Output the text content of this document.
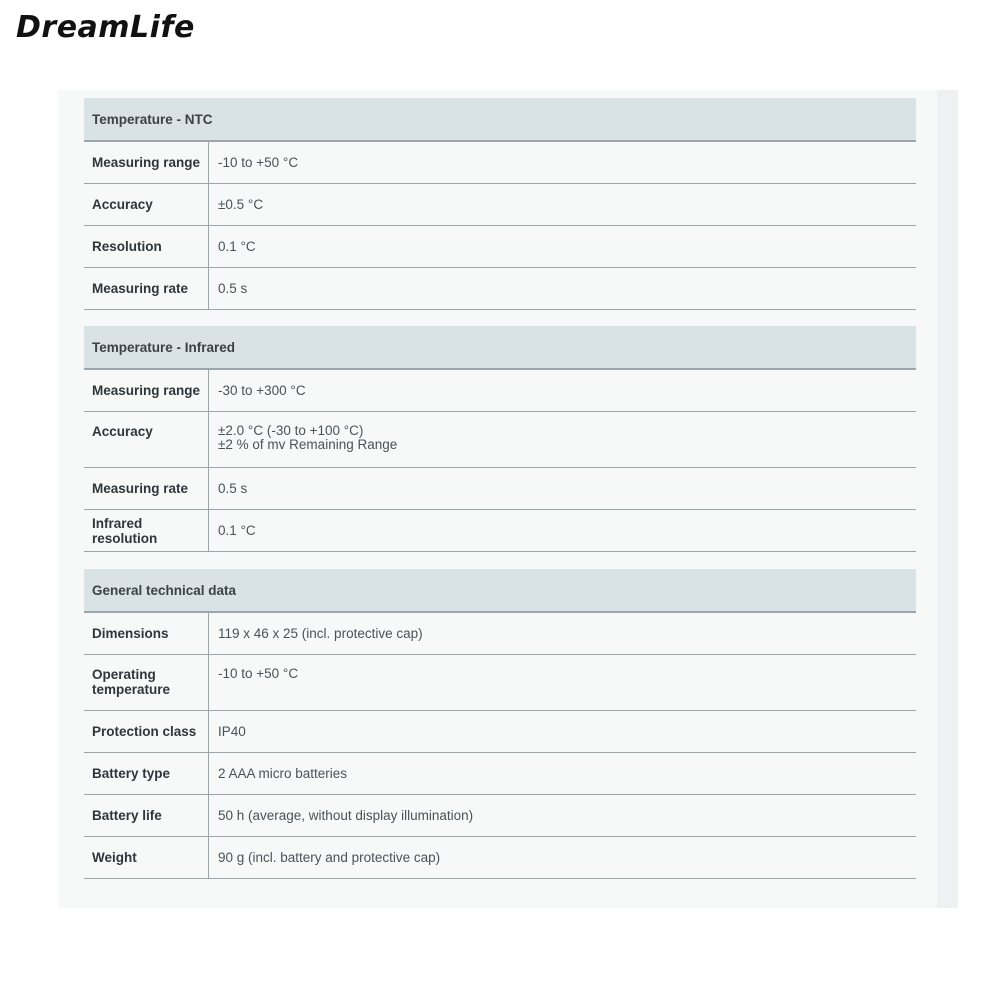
DreamLife
Temperature - NTC	
Measuring range	-10 to +50 °C

Accuracy	±0.5 °C

Resolution	0.1 °C

Measuring rate	0.5 s
Temperature - Infrared	
Measuring range	-30 to +300 °C

Accuracy	±2.0 °C (-30 to +100 °C)
±2 % of mv Remaining Range

Measuring rate	0.5 s

Infrared resolution	0.1 °C
General technical data	
Dimensions	119 x 46 x 25 (incl. protective cap)

Operating temperature	-10 to +50 °C

Protection class	IP40

Battery type	2 AAA micro batteries

Battery life	50 h (average, without display illumination)

Weight	90 g (incl. battery and protective cap)
